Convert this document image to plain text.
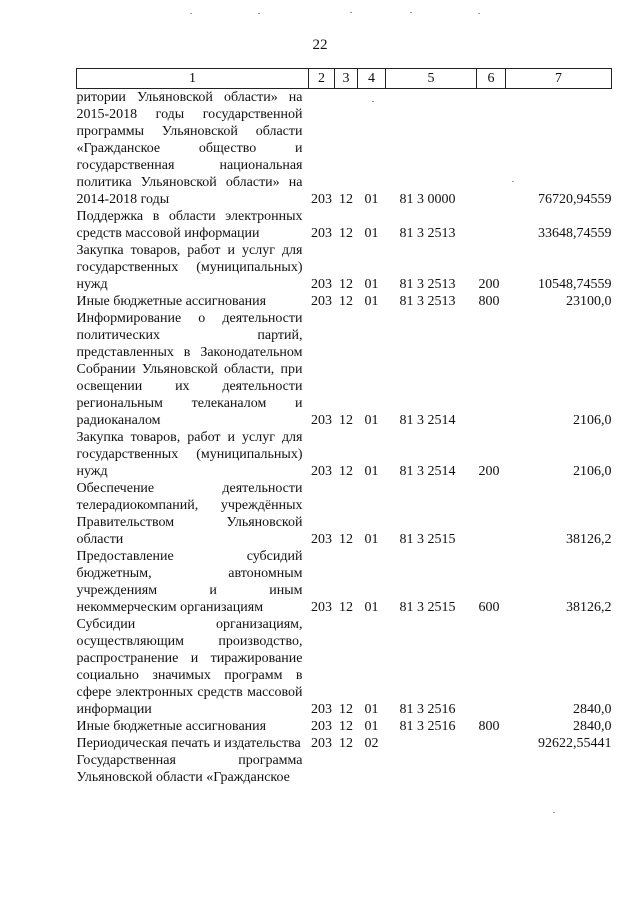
22
1	2	3	4	5	6	7
ритории Ульяновской области» на 2015-2018 годы государственной программы Ульяновской области «Гражданское общество и государственная национальная политика Ульяновской области» на 2014-2018 годы	203	12	01	81 3 0000		76720,94559
Поддержка в области электронных средств массовой информации	203	12	01	81 3 2513		33648,74559
Закупка товаров, работ и услуг для государственных (муниципальных) нужд	203	12	01	81 3 2513	200	10548,74559
Иные бюджетные ассигнования	203	12	01	81 3 2513	800	23100,0
Информирование о деятельности политических партий, представленных в Законодательном Собрании Ульяновской области, при освещении их деятельности региональным телеканалом и радиоканалом	203	12	01	81 3 2514		2106,0
Закупка товаров, работ и услуг для государственных (муниципальных) нужд	203	12	01	81 3 2514	200	2106,0
Обеспечение деятельности телерадиокомпаний, учреждённых Правительством Ульяновской области	203	12	01	81 3 2515		38126,2
Предоставление субсидий бюджетным, автономным учреждениям и иным некоммерческим организациям	203	12	01	81 3 2515	600	38126,2
Субсидии организациям, осуществляющим производство, распространение и тиражирование социально значимых программ в сфере электронных средств массовой информации	203	12	01	81 3 2516		2840,0
Иные бюджетные ассигнования	203	12	01	81 3 2516	800	2840,0
Периодическая печать и издательства	203	12	02			92622,55441
Государственная программа Ульяновской области «Гражданское						
